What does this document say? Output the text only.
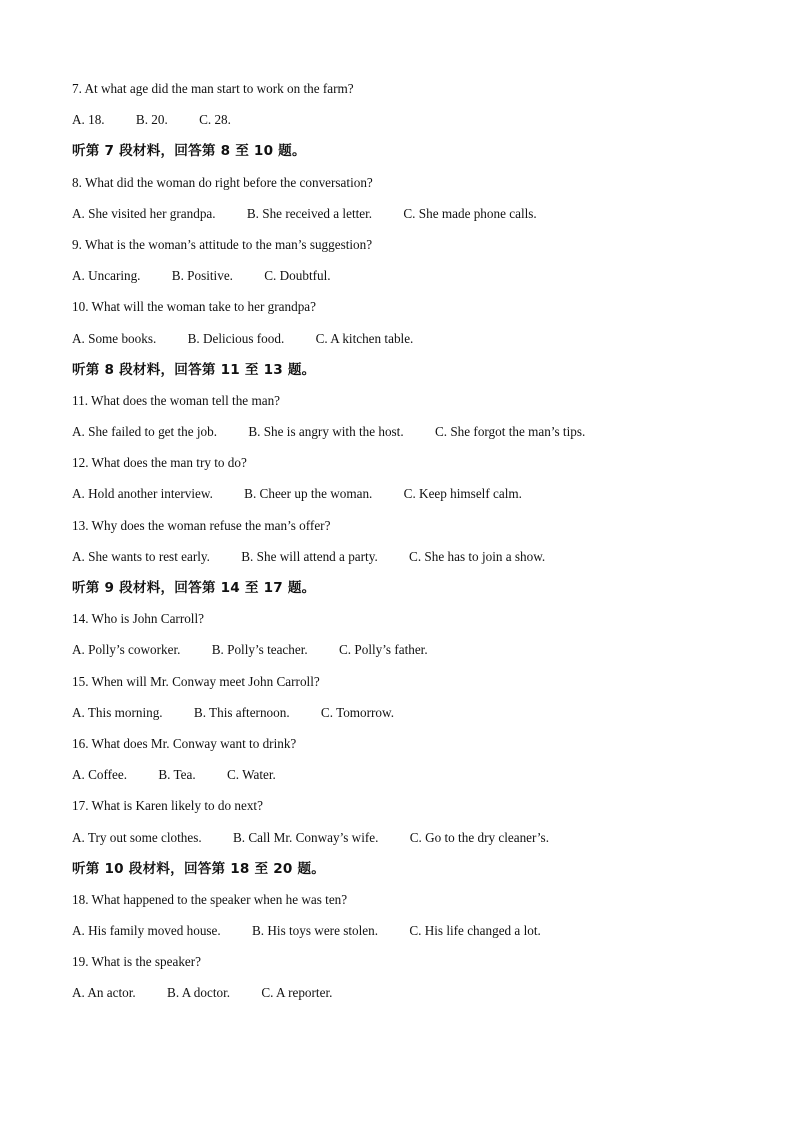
7. At what age did the man start to work on the farm?
A. 18. B. 20. C. 28.
听第 7 段材料，回答第 8 至 10 题。
8. What did the woman do right before the conversation?
A. She visited her grandpa. B. She received a letter. C. She made phone calls.
9. What is the woman’s attitude to the man’s suggestion?
A. Uncaring. B. Positive. C. Doubtful.
10. What will the woman take to her grandpa?
A. Some books. B. Delicious food. C. A kitchen table.
听第 8 段材料，回答第 11 至 13 题。
11. What does the woman tell the man?
A. She failed to get the job. B. She is angry with the host. C. She forgot the man’s tips.
12. What does the man try to do?
A. Hold another interview. B. Cheer up the woman. C. Keep himself calm.
13. Why does the woman refuse the man’s offer?
A. She wants to rest early. B. She will attend a party. C. She has to join a show.
听第 9 段材料，回答第 14 至 17 题。
14. Who is John Carroll?
A. Polly’s coworker. B. Polly’s teacher. C. Polly’s father.
15. When will Mr. Conway meet John Carroll?
A. This morning. B. This afternoon. C. Tomorrow.
16. What does Mr. Conway want to drink?
A. Coffee. B. Tea. C. Water.
17. What is Karen likely to do next?
A. Try out some clothes. B. Call Mr. Conway’s wife. C. Go to the dry cleaner’s.
听第 10 段材料，回答第 18 至 20 题。
18. What happened to the speaker when he was ten?
A. His family moved house. B. His toys were stolen. C. His life changed a lot.
19. What is the speaker?
A. An actor. B. A doctor. C. A reporter.
